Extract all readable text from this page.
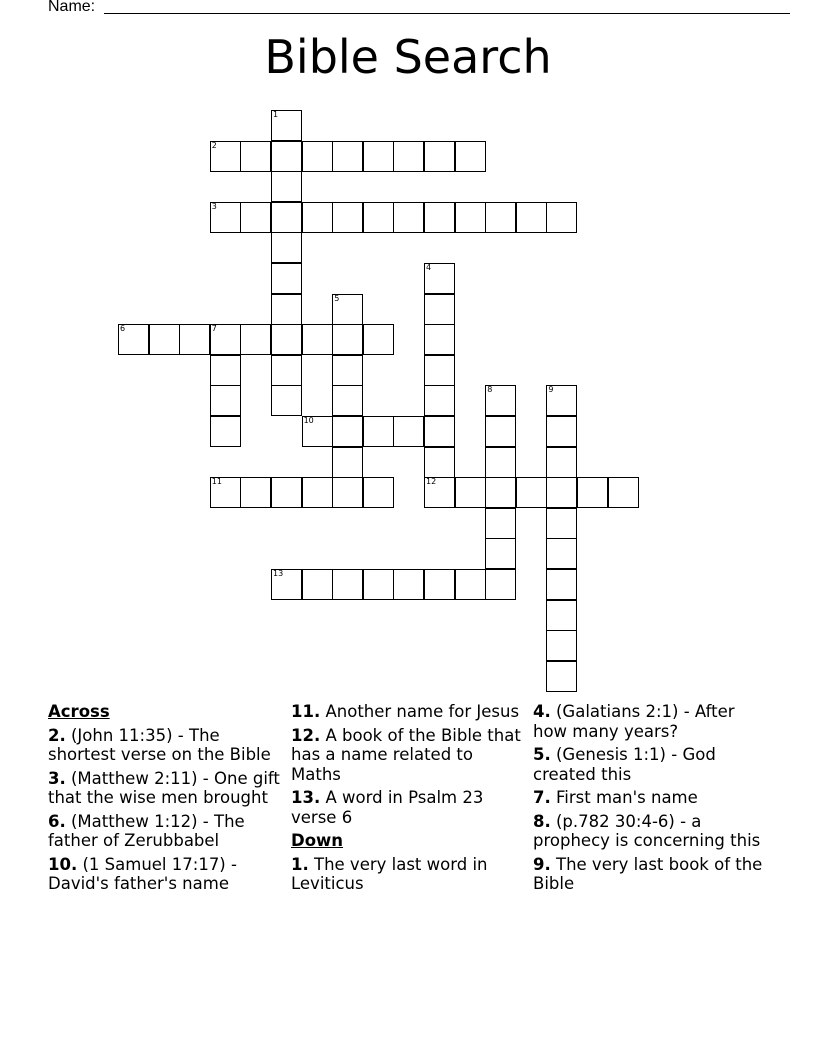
Name:
Bible Search
1
2
3
4
12
5
6	7
8	9
10
11
13
Across
2. (John 11:35) - The shortest verse on the Bible
3. (Matthew 2:11) - One gift that the wise men brought
6. (Matthew 1:12) - The father of Zerubbabel
10. (1 Samuel 17:17) - David's father's name
11. Another name for Jesus
12. A book of the Bible that has a name related to Maths
13. A word in Psalm 23 verse 6
Down
1. The very last word in Leviticus
4. (Galatians 2:1) - After how many years?
5. (Genesis 1:1) - God created this
7. First man's name
8. (p.782 30:4-6) - a prophecy is concerning this
9. The very last book of the Bible
